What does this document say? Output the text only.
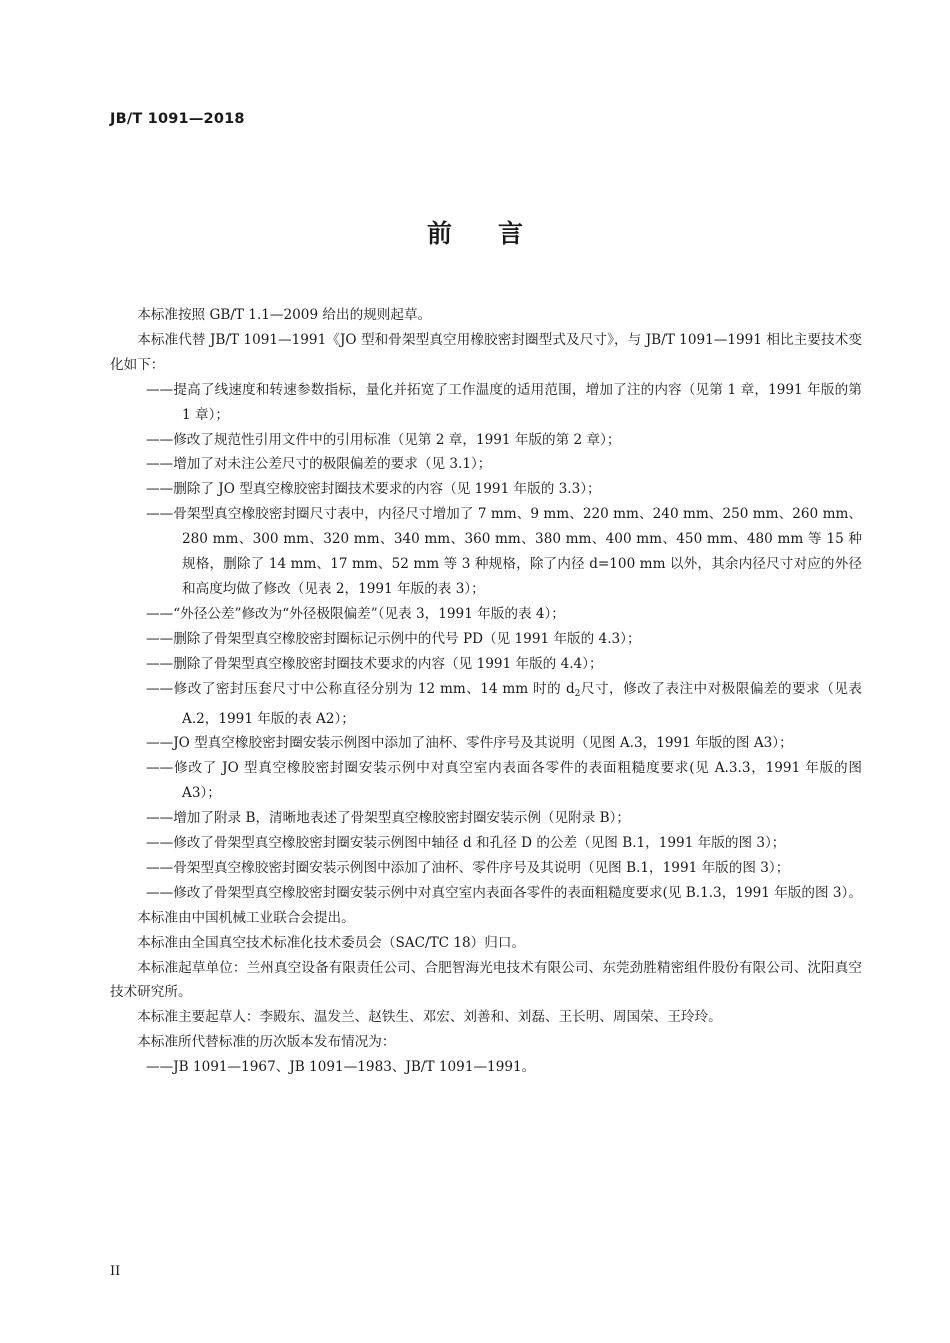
JB/T 1091—2018
前言

本标准按照 GB/T 1.1—2009 给出的规则起草。

本标准代替 JB/T 1091—1991《JO 型和骨架型真空用橡胶密封圈型式及尺寸》，与 JB/T 1091—1991 相比主要技术变化如下：

——提高了线速度和转速参数指标，量化并拓宽了工作温度的适用范围，增加了注的内容（见第 1 章，1991 年版的第 1 章）；

——修改了规范性引用文件中的引用标准（见第 2 章，1991 年版的第 2 章）；

——增加了对未注公差尺寸的极限偏差的要求（见 3.1）；

——删除了 JO 型真空橡胶密封圈技术要求的内容（见 1991 年版的 3.3）；

——骨架型真空橡胶密封圈尺寸表中，内径尺寸增加了 7 mm、9 mm、220 mm、240 mm、250 mm、260 mm、280 mm、300 mm、320 mm、340 mm、360 mm、380 mm、400 mm、450 mm、480 mm 等 15 种规格，删除了 14 mm、17 mm、52 mm 等 3 种规格，除了内径 d=100 mm 以外，其余内径尺寸对应的外径和高度均做了修改（见表 2，1991 年版的表 3）；

——“外径公差”修改为“外径极限偏差”（见表 3，1991 年版的表 4）；

——删除了骨架型真空橡胶密封圈标记示例中的代号 PD（见 1991 年版的 4.3）；

——删除了骨架型真空橡胶密封圈技术要求的内容（见 1991 年版的 4.4）；

——修改了密封压套尺寸中公称直径分别为 12 mm、14 mm 时的 $d_2$尺寸，修改了表注中对极限偏差的要求（见表 A.2，1991 年版的表 A2）；

——JO 型真空橡胶密封圈安装示例图中添加了油杯、零件序号及其说明（见图 A.3，1991 年版的图 A3）；

——修改了 JO 型真空橡胶密封圈安装示例中对真空室内表面各零件的表面粗糙度要求(见 A.3.3，1991 年版的图 A3）；

——增加了附录 B，清晰地表述了骨架型真空橡胶密封圈安装示例（见附录 B）；

——修改了骨架型真空橡胶密封圈安装示例图中轴径 d 和孔径 D 的公差（见图 B.1，1991 年版的图 3）；

——骨架型真空橡胶密封圈安装示例图中添加了油杯、零件序号及其说明（见图 B.1，1991 年版的图 3）；

——修改了骨架型真空橡胶密封圈安装示例中对真空室内表面各零件的表面粗糙度要求(见 B.1.3，1991 年版的图 3）。

本标准由中国机械工业联合会提出。

本标准由全国真空技术标准化技术委员会（SAC/TC 18）归口。

本标准起草单位：兰州真空设备有限责任公司、合肥智海光电技术有限公司、东莞劲胜精密组件股份有限公司、沈阳真空技术研究所。

本标准主要起草人：李殿东、温发兰、赵铁生、邓宏、刘善和、刘磊、王长明、周国荣、王玲玲。

本标准所代替标准的历次版本发布情况为：

——JB 1091—1967、JB 1091—1983、JB/T 1091—1991。

II
